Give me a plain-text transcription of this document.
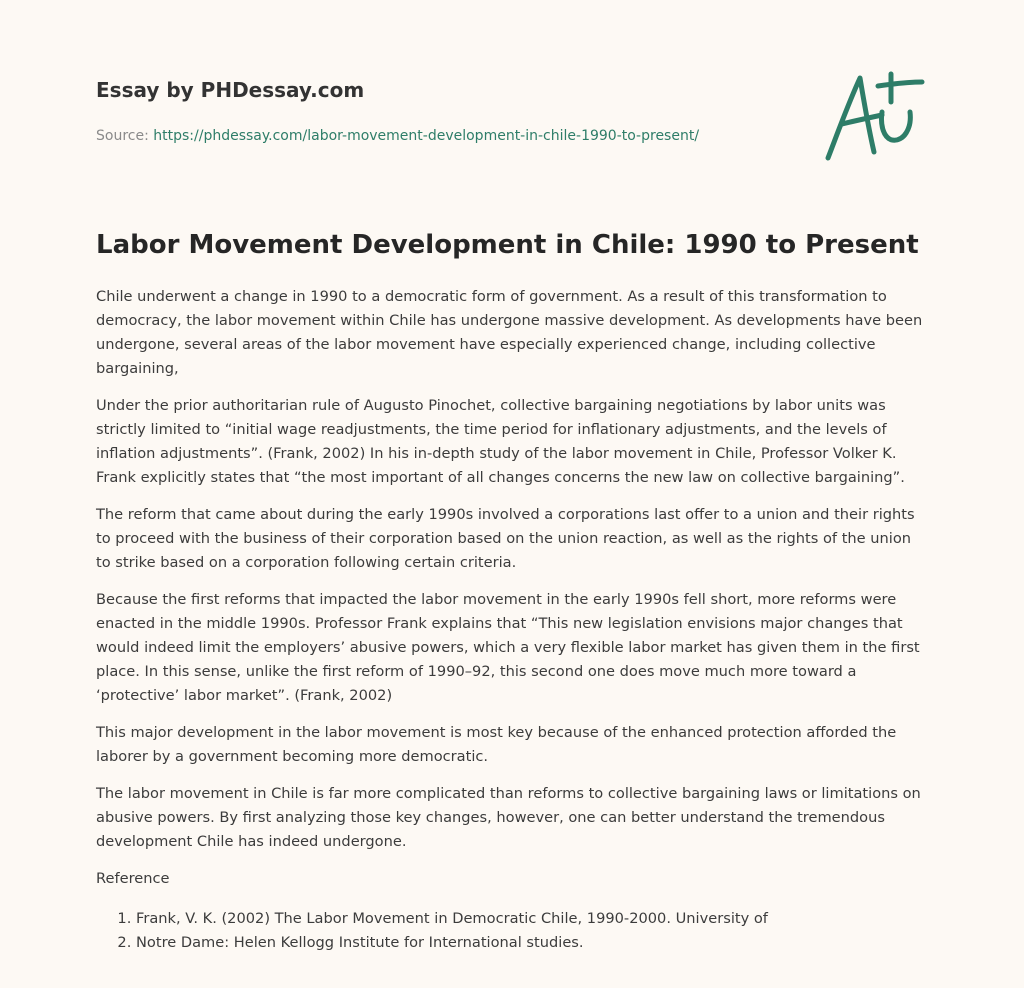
Essay by PHDessay.com
Source: https://phdessay.com/labor-movement-development-in-chile-1990-to-present/
Labor Movement Development in Chile: 1990 to Present

Chile underwent a change in 1990 to a democratic form of government. As a result of this transformation to democracy, the labor movement within Chile has undergone massive development. As developments have been undergone, several areas of the labor movement have especially experienced change, including collective bargaining,

Under the prior authoritarian rule of Augusto Pinochet, collective bargaining negotiations by labor units was strictly limited to “initial wage readjustments, the time period for inflationary adjustments, and the levels of inflation adjustments”. (Frank, 2002) In his in-depth study of the labor movement in Chile, Professor Volker K. Frank explicitly states that “the most important of all changes concerns the new law on collective bargaining”.

The reform that came about during the early 1990s involved a corporations last offer to a union and their rights to proceed with the business of their corporation based on the union reaction, as well as the rights of the union to strike based on a corporation following certain criteria.

Because the first reforms that impacted the labor movement in the early 1990s fell short, more reforms were enacted in the middle 1990s. Professor Frank explains that “This new legislation envisions major changes that would indeed limit the employers’ abusive powers, which a very flexible labor market has given them in the first place. In this sense, unlike the first reform of 1990–92, this second one does move much more toward a ‘protective’ labor market”. (Frank, 2002)

This major development in the labor movement is most key because of the enhanced protection afforded the laborer by a government becoming more democratic.

The labor movement in Chile is far more complicated than reforms to collective bargaining laws or limitations on abusive powers. By first analyzing those key changes, however, one can better understand the tremendous development Chile has indeed undergone.

Reference

1. Frank, V. K. (2002) The Labor Movement in Democratic Chile, 1990-2000. University of
2. Notre Dame: Helen Kellogg Institute for International studies.
